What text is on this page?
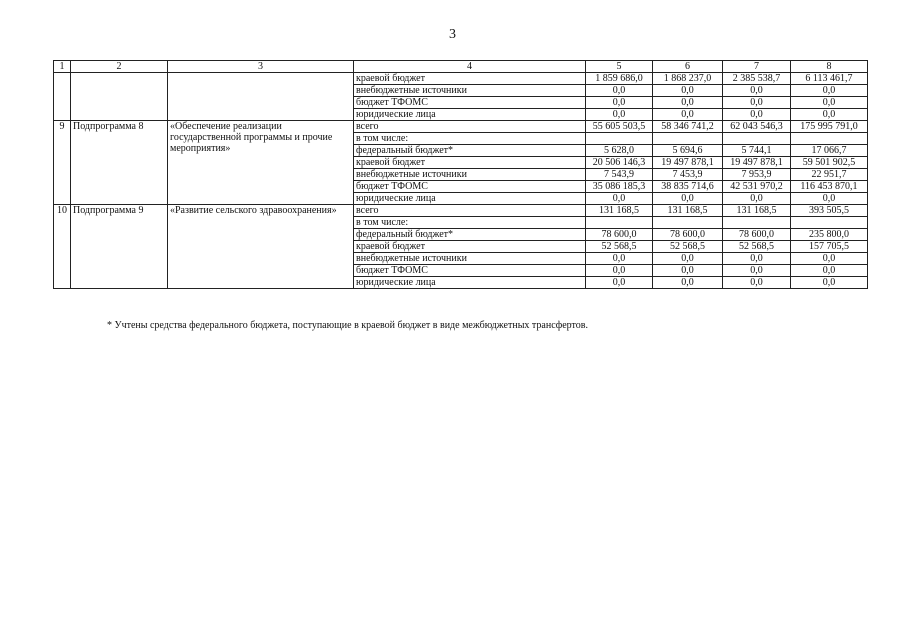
3
1	2	3	4	5	6	7	8
			краевой бюджет	1 859 686,0	1 868 237,0	2 385 538,7	6 113 461,7
			внебюджетные источники	0,0	0,0	0,0	0,0
			бюджет ТФОМС	0,0	0,0	0,0	0,0
			юридические лица	0,0	0,0	0,0	0,0
9	Подпрограмма 8	«Обеспечение реализации государственной программы и прочие мероприятия»	всего	55 605 503,5	58 346 741,2	62 043 546,3	175 995 791,0
			в том числе:				
			федеральный бюджет*	5 628,0	5 694,6	5 744,1	17 066,7
			краевой бюджет	20 506 146,3	19 497 878,1	19 497 878,1	59 501 902,5
			внебюджетные источники	7 543,9	7 453,9	7 953,9	22 951,7
			бюджет ТФОМС	35 086 185,3	38 835 714,6	42 531 970,2	116 453 870,1
			юридические лица	0,0	0,0	0,0	0,0
10	Подпрограмма 9	«Развитие сельского здравоохранения»	всего	131 168,5	131 168,5	131 168,5	393 505,5
			в том числе:				
			федеральный бюджет*	78 600,0	78 600,0	78 600,0	235 800,0
			краевой бюджет	52 568,5	52 568,5	52 568,5	157 705,5
			внебюджетные источники	0,0	0,0	0,0	0,0
			бюджет ТФОМС	0,0	0,0	0,0	0,0
			юридические лица	0,0	0,0	0,0	0,0
* Учтены средства федерального бюджета, поступающие в краевой бюджет в виде межбюджетных трансфертов.
